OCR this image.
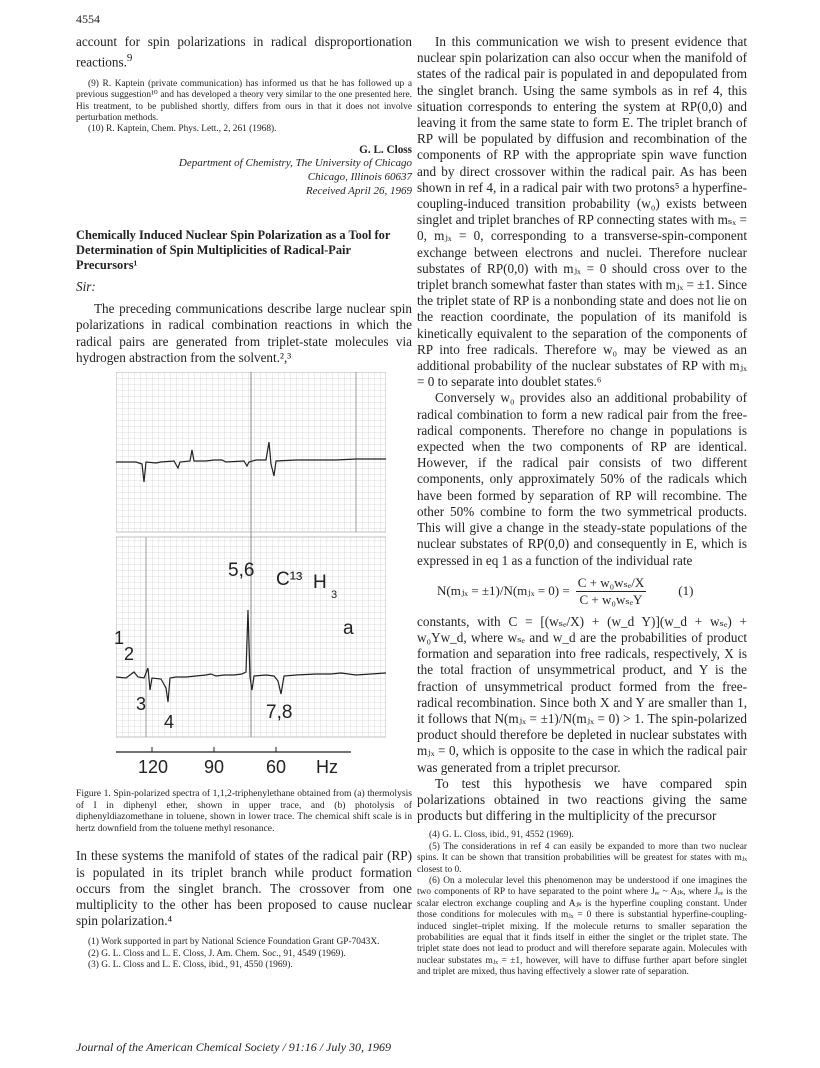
4554

account for spin polarizations in radical disproportionation reactions.$^9$

(9) R. Kaptein (private communication) has informed us that he has followed up a previous suggestion¹⁰ and has developed a theory very similar to the one presented here. His treatment, to be published shortly, differs from ours in that it does not involve perturbation methods.

(10) R. Kaptein, Chem. Phys. Lett., 2, 261 (1968).

G. L. Closs
Department of Chemistry, The University of Chicago
Chicago, Illinois 60637
Received April 26, 1969
Chemically Induced Nuclear Spin Polarization as a Tool for Determination of Spin Multiplicities of Radical-Pair Precursors¹
Sir:

The preceding communications describe large nuclear spin polarizations in radical combination reactions in which the radical pairs are generated from triplet-state molecules via hydrogen abstraction from the solvent.²,³

5,6 C¹³ H
3
a
1
2
3
4	7,8
120 90 60 Hz

Figure 1. Spin-polarized spectra of 1,1,2-triphenylethane obtained from (a) thermolysis of I in diphenyl ether, shown in upper trace, and (b) photolysis of diphenyldiazomethane in toluene, shown in lower trace. The chemical shift scale is in hertz downfield from the toluene methyl resonance.

In these systems the manifold of states of the radical pair (RP) is populated in its triplet branch while product formation occurs from the singlet branch. The crossover from one multiplicity to the other has been proposed to cause nuclear spin polarization.⁴

(1) Work supported in part by National Science Foundation Grant GP-7043X.

(2) G. L. Closs and L. E. Closs, J. Am. Chem. Soc., 91, 4549 (1969).

(3) G. L. Closs and L. E. Closs, ibid., 91, 4550 (1969).

In this communication we wish to present evidence that nuclear spin polarization can also occur when the manifold of states of the radical pair is populated in and depopulated from the singlet branch. Using the same symbols as in ref 4, this situation corresponds to entering the system at RP(0,0) and leaving it from the same state to form E. The triplet branch of RP will be populated by diffusion and recombination of the components of RP with the appropriate spin wave function and by direct crossover within the radical pair. As has been shown in ref 4, in a radical pair with two protons⁵ a hyperfine-coupling-induced transition probability (w₀) exists between singlet and triplet branches of RP connecting states with mₛₓ = 0, mⱼₓ = 0, corresponding to a transverse-spin-component exchange between electrons and nuclei. Therefore nuclear substates of RP(0,0) with mⱼₓ = 0 should cross over to the triplet branch somewhat faster than states with mⱼₓ = ±1. Since the triplet state of RP is a nonbonding state and does not lie on the reaction coordinate, the population of its manifold is kinetically equivalent to the separation of the components of RP into free radicals. Therefore w₀ may be viewed as an additional probability of the nuclear substates of RP with mⱼₓ = 0 to separate into doublet states.⁶

Conversely w₀ provides also an additional probability of radical combination to form a new radical pair from the free-radical components. Therefore no change in populations is expected when the two components of RP are identical. However, if the radical pair consists of two different components, only approximately 50% of the radicals which have been formed by separation of RP will recombine. The other 50% combine to form the two symmetrical products. This will give a change in the steady-state populations of the nuclear substates of RP(0,0) and consequently in E, which is expressed in eq 1 as a function of the individual rate

N(mⱼₓ = ±1)/N(mⱼₓ = $0) = \frac{\text{C + w₀wₛₑ/X}}{\text{C + w₀wₛₑY}} (1)$

constants, with C = [(wₛₑ/X) + (w_d Y)](w_d + wₛₑ) + w₀Yw_d, where wₛₑ and w_d are the probabilities of product formation and separation into free radicals, respectively, X is the total fraction of unsymmetrical product, and Y is the fraction of unsymmetrical product formed from the free-radical recombination. Since both X and Y are smaller than 1, it follows that N(mⱼₓ = ±1)/N(mⱼₓ = 0) > 1. The spin-polarized product should therefore be depleted in nuclear substates with mⱼₓ = 0, which is opposite to the case in which the radical pair was generated from a triplet precursor.

To test this hypothesis we have compared spin polarizations obtained in two reactions giving the same products but differing in the multiplicity of the precursor

(4) G. L. Closs, ibid., 91, 4552 (1969).

(5) The considerations in ref 4 can easily be expanded to more than two nuclear spins. It can be shown that transition probabilities will be greatest for states with mⱼₓ closest to 0.

(6) On a molecular level this phenomenon may be understood if one imagines the two components of RP to have separated to the point where Jₑₑ ~ Aⱼₖ, where Jₑₑ is the scalar electron exchange coupling and Aⱼₖ is the hyperfine coupling constant. Under those conditions for molecules with mⱼₓ = 0 there is substantial hyperfine-coupling-induced singlet–triplet mixing. If the molecule returns to smaller separation the probabilities are equal that it finds itself in either the singlet or the triplet state. The triplet state does not lead to product and will therefore separate again. Molecules with nuclear substates mⱼₓ = ±1, however, will have to diffuse further apart before singlet and triplet are mixed, thus having effectively a slower rate of separation.

Journal of the American Chemical Society / 91:16 / July 30, 1969
